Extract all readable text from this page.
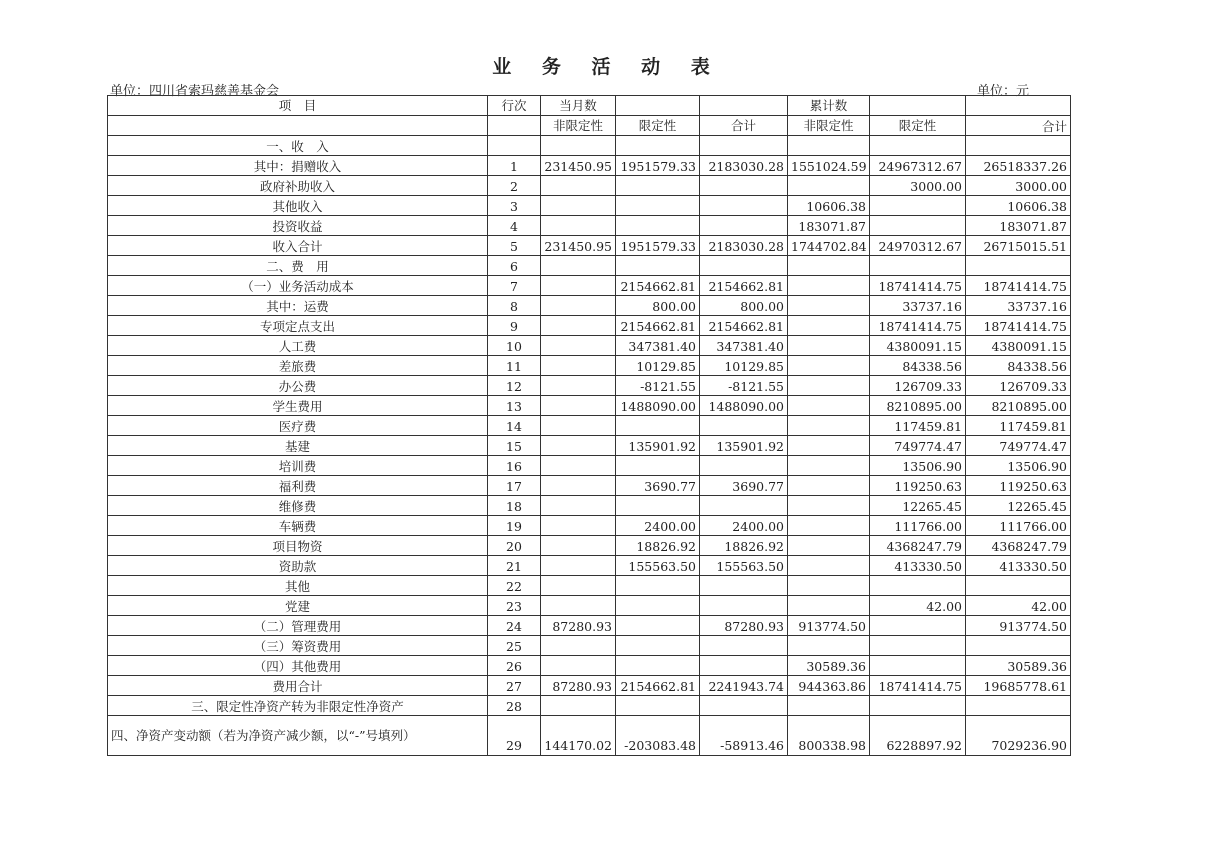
业 务 活 动 表
单位：四川省索玛慈善基金会	单位：元
项　目	行次	当月数			累计数		
		非限定性	限定性	合计	非限定性	限定性	合计
一、收　入							
其中：捐赠收入	1	231450.95	1951579.33	2183030.28	1551024.59	24967312.67	26518337.26
政府补助收入	2					3000.00	3000.00
其他收入	3				10606.38		10606.38
投资收益	4				183071.87		183071.87
收入合计	5	231450.95	1951579.33	2183030.28	1744702.84	24970312.67	26715015.51
二、费　用	6						
（一）业务活动成本	7		2154662.81	2154662.81		18741414.75	18741414.75
其中：运费	8		800.00	800.00		33737.16	33737.16
专项定点支出	9		2154662.81	2154662.81		18741414.75	18741414.75
人工费	10		347381.40	347381.40		4380091.15	4380091.15
差旅费	11		10129.85	10129.85		84338.56	84338.56
办公费	12		-8121.55	-8121.55		126709.33	126709.33
学生费用	13		1488090.00	1488090.00		8210895.00	8210895.00
医疗费	14					117459.81	117459.81
基建	15		135901.92	135901.92		749774.47	749774.47
培训费	16					13506.90	13506.90
福利费	17		3690.77	3690.77		119250.63	119250.63
维修费	18					12265.45	12265.45
车辆费	19		2400.00	2400.00		111766.00	111766.00
项目物资	20		18826.92	18826.92		4368247.79	4368247.79
资助款	21		155563.50	155563.50		413330.50	413330.50
其他	22						
党建	23					42.00	42.00
（二）管理费用	24	87280.93		87280.93	913774.50		913774.50
（三）筹资费用	25						
（四）其他费用	26				30589.36		30589.36
费用合计	27	87280.93	2154662.81	2241943.74	944363.86	18741414.75	19685778.61
三、限定性净资产转为非限定性净资产	28						
四、净资产变动额（若为净资产减少额，以“-”号填列）	29	144170.02	-203083.48	-58913.46	800338.98	6228897.92	7029236.90
